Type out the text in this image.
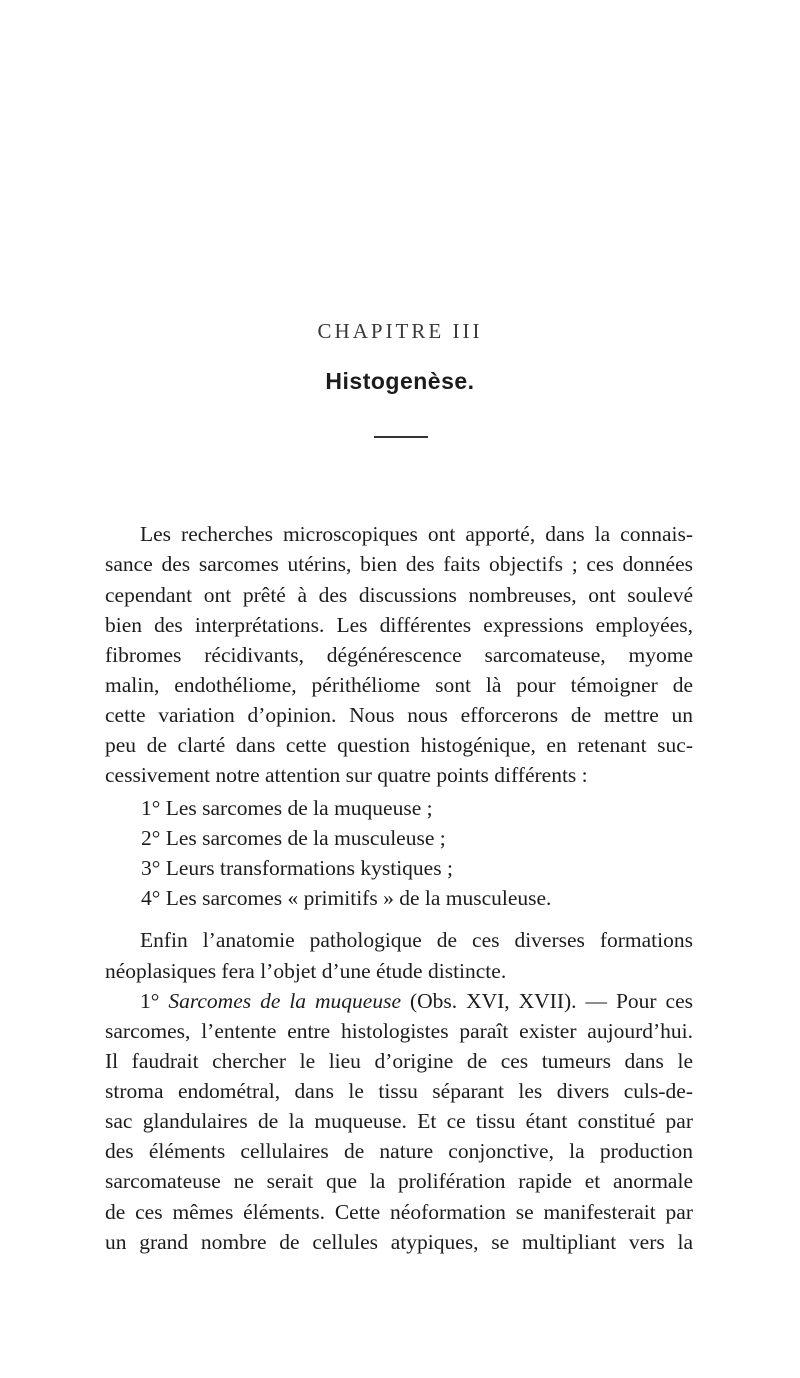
CHAPITRE III
Histogenèse.
Les recherches microscopiques ont apporté, dans la connais-
sance des sarcomes utérins, bien des faits objectifs ; ces données
cependant ont prêté à des discussions nombreuses, ont soulevé
bien des interprétations. Les différentes expressions employées,
fibromes récidivants, dégénérescence sarcomateuse, myome
malin, endothéliome, périthéliome sont là pour témoigner de
cette variation d’opinion. Nous nous efforcerons de mettre un
peu de clarté dans cette question histogénique, en retenant suc-
cessivement notre attention sur quatre points différents :
1° Les sarcomes de la muqueuse ;
2° Les sarcomes de la musculeuse ;
3° Leurs transformations kystiques ;
4° Les sarcomes « primitifs » de la musculeuse.
Enfin l’anatomie pathologique de ces diverses formations
néoplasiques fera l’objet d’une étude distincte.
1° Sarcomes de la muqueuse (Obs. XVI, XVII). — Pour ces
sarcomes, l’entente entre histologistes paraît exister aujourd’hui.
Il faudrait chercher le lieu d’origine de ces tumeurs dans le
stroma endométral, dans le tissu séparant les divers culs-de-
sac glandulaires de la muqueuse. Et ce tissu étant constitué par
des éléments cellulaires de nature conjonctive, la production
sarcomateuse ne serait que la prolifération rapide et anormale
de ces mêmes éléments. Cette néoformation se manifesterait par
un grand nombre de cellules atypiques, se multipliant vers la
